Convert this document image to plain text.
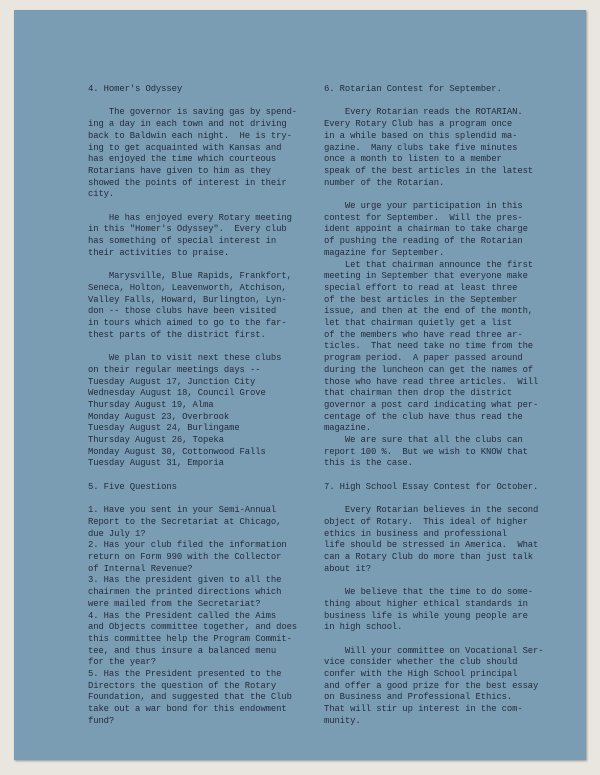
4. Homer's Odyssey
The governor is saving gas by spend-
ing a day in each town and not driving
back to Baldwin each night.  He is try-
ing to get acquainted with Kansas and
has enjoyed the time which courteous
Rotarians have given to him as they
showed the points of interest in their
city.
He has enjoyed every Rotary meeting
in this "Homer's Odyssey".  Every club
has something of special interest in
their activities to praise.
Marysville, Blue Rapids, Frankfort,
Seneca, Holton, Leavenworth, Atchison,
Valley Falls, Howard, Burlington, Lyn-
don -- those clubs have been visited
in tours which aimed to go to the far-
thest parts of the district first.
We plan to visit next these clubs
on their regular meetings days --
Tuesday August 17, Junction City
Wednesday August 18, Council Grove
Thursday August 19, Alma
Monday August 23, Overbrook
Tuesday August 24, Burlingame
Thursday August 26, Topeka
Monday August 30, Cottonwood Falls
Tuesday August 31, Emporia
5. Five Questions
1. Have you sent in your Semi-Annual
Report to the Secretariat at Chicago,
due July 1?
2. Has your club filed the information
return on Form 990 with the Collector
of Internal Revenue?
3. Has the president given to all the
chairmen the printed directions which
were mailed from the Secretariat?
4. Has the President called the Aims
and Objects committee together, and does
this committee help the Program Commit-
tee, and thus insure a balanced menu
for the year?
5. Has the President presented to the
Directors the question of the Rotary
Foundation, and suggested that the Club
take out a war bond for this endowment
fund?
6. Rotarian Contest for September.
Every Rotarian reads the ROTARIAN.
Every Rotary Club has a program once
in a while based on this splendid ma-
gazine.  Many clubs take five minutes
once a month to listen to a member
speak of the best articles in the latest
number of the Rotarian.
We urge your participation in this
contest for September.  Will the pres-
ident appoint a chairman to take charge
of pushing the reading of the Rotarian
magazine for September.
Let that chairman announce the first
meeting in September that everyone make
special effort to read at least three
of the best articles in the September
issue, and then at the end of the month,
let that chairman quietly get a list
of the members who have read three ar-
ticles.  That need take no time from the
program period.  A paper passed around
during the luncheon can get the names of
those who have read three articles.  Will
that chairman then drop the district
governor a post card indicating what per-
centage of the club have thus read the
magazine.
We are sure that all the clubs can
report 100 %.  But we wish to KNOW that
this is the case.
7. High School Essay Contest for October.
Every Rotarian believes in the second
object of Rotary.  This ideal of higher
ethics in business and professional
life should be stressed in America.  What
can a Rotary Club do more than just talk
about it?
We believe that the time to do some-
thing about higher ethical standards in
business life is while young people are
in high school.
Will your committee on Vocational Ser-
vice consider whether the club should
confer with the High School principal
and offer a good prize for the best essay
on Business and Professional Ethics.
That will stir up interest in the com-
munity.
